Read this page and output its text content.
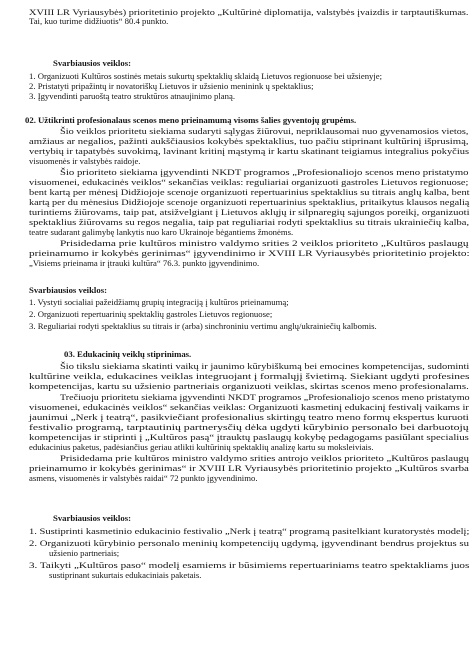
XVIII LR Vyriausybės) prioritetinio projekto „Kultūrinė diplomatija, valstybės įvaizdis ir tarptautiškumas.
Tai, kuo turime didžiuotis“ 80.4 punkto.
Svarbiausios veiklos:
1. Organizuoti Kultūros sostinės metais sukurtų spektaklių sklaidą Lietuvos regionuose bei užsienyje;
2. Pristatyti pripažintų ir novatoriškų Lietuvos ir užsienio meninink ų spektaklius;
3. Įgyvendinti paruoštą teatro struktūros atnaujinimo planą.
02. Užtikrinti profesionalaus scenos meno prieinamumą visoms šalies gyventojų grupėms.
Šio veiklos prioritetu siekiama sudaryti sąlygas žiūrovui, nepriklausomai nuo gyvenamosios vietos,
amžiaus ar negalios, pažinti aukščiausios kokybės spektaklius, tuo pačiu stiprinant kultūrinį išprusimą,
vertybių ir tapatybės suvokimą, lavinant kritinį mąstymą ir kartu skatinant teigiamus integralius pokyčius
visuomenės ir valstybės raidoje.
Šio prioriteto siekiama įgyvendinti NKDT programos „Profesionaliojo scenos meno pristatymo
visuomenei, edukacinės veiklos“ sekančias veiklas: reguliariai organizuoti gastroles Lietuvos regionuose;
bent kartą per mėnesį Didžiojoje scenoje organizuoti repertuarinius spektaklius su titrais anglų kalba, bent
kartą per du mėnesius Didžiojoje scenoje organizuoti repertuarinius spektaklius, pritaikytus klausos negalią
turintiems žiūrovams, taip pat, atsižvelgiant į Lietuvos aklųjų ir silpnaregių sąjungos poreikį, organizuoti
spektaklius žiūrovams su regos negalia, taip pat reguliariai rodyti spektaklius su titrais ukrainiečių kalba,
teatre sudarant galimybę lankytis nuo karo Ukrainoje bėgantiems žmonėms.
Prisidedama prie kultūros ministro valdymo srities 2 veiklos prioriteto „Kultūros paslaugų
prieinamumo ir kokybės gerinimas“ įgyvendinimo ir XVIII LR Vyriausybės prioritetinio projekto:
„Visiems prieinama ir įtrauki kultūra“ 76.3. punkto įgyvendinimo.
Svarbiausios veiklos:
1. Vystyti socialiai pažeidžiamų grupių integraciją į kultūros prieinamumą;
2. Organizuoti repertuarinių spektaklių gastroles Lietuvos regionuose;
3. Reguliariai rodyti spektaklius su titrais ir (arba) sinchroniniu vertimu anglų/ukrainiečių kalbomis.
03. Edukacinių veiklų stiprinimas.
Šio tikslu siekiama skatinti vaikų ir jaunimo kūrybiškumą bei emocines kompetencijas, sudominti
kultūrine veikla, edukacines veiklas integruojant į formalųjį švietimą. Siekiant ugdyti profesines
kompetencijas, kartu su užsienio partneriais organizuoti veiklas, skirtas scenos meno profesionalams.
Trečiuoju prioritetu siekiama įgyvendinti NKDT programos „Profesionaliojo scenos meno pristatymo
visuomenei, edukacinės veiklos“ sekančias veiklas: Organizuoti kasmetinį edukacinį festivalį vaikams ir
jaunimui „Nerk į teatrą“, pasikviečiant profesionalius skirtingų teatro meno formų ekspertus kuruoti
festivalio programą, tarptautinių partnerysčių dėka ugdyti kūrybinio personalo bei darbuotojų
kompetencijas ir stiprinti į „Kultūros pasą“ įtrauktų paslaugų kokybę pedagogams pasiūlant specialius
edukacinius paketus, padėsiančius geriau atlikti kultūrinių spektaklių analizę kartu su moksleiviais.
Prisidedama prie kultūros ministro valdymo srities antrojo veiklos prioriteto „Kultūros paslaugų
prieinamumo ir kokybės gerinimas“ ir XVIII LR Vyriausybės prioritetinio projekto „Kultūros svarba
asmens, visuomenės ir valstybės raidai“ 72 punkto įgyvendinimo.
Svarbiausios veiklos:
1. Sustiprinti kasmetinio edukacinio festivalio „Nerk į teatrą“ programą pasitelkiant kuratorystės modelį;
2. Organizuoti kūrybinio personalo meninių kompetencijų ugdymą, įgyvendinant bendrus projektus su
užsienio partneriais;
3. Taikyti „Kultūros paso“ modelį esamiems ir būsimiems repertuariniams teatro spektakliams juos
sustiprinant sukurtais edukaciniais paketais.
